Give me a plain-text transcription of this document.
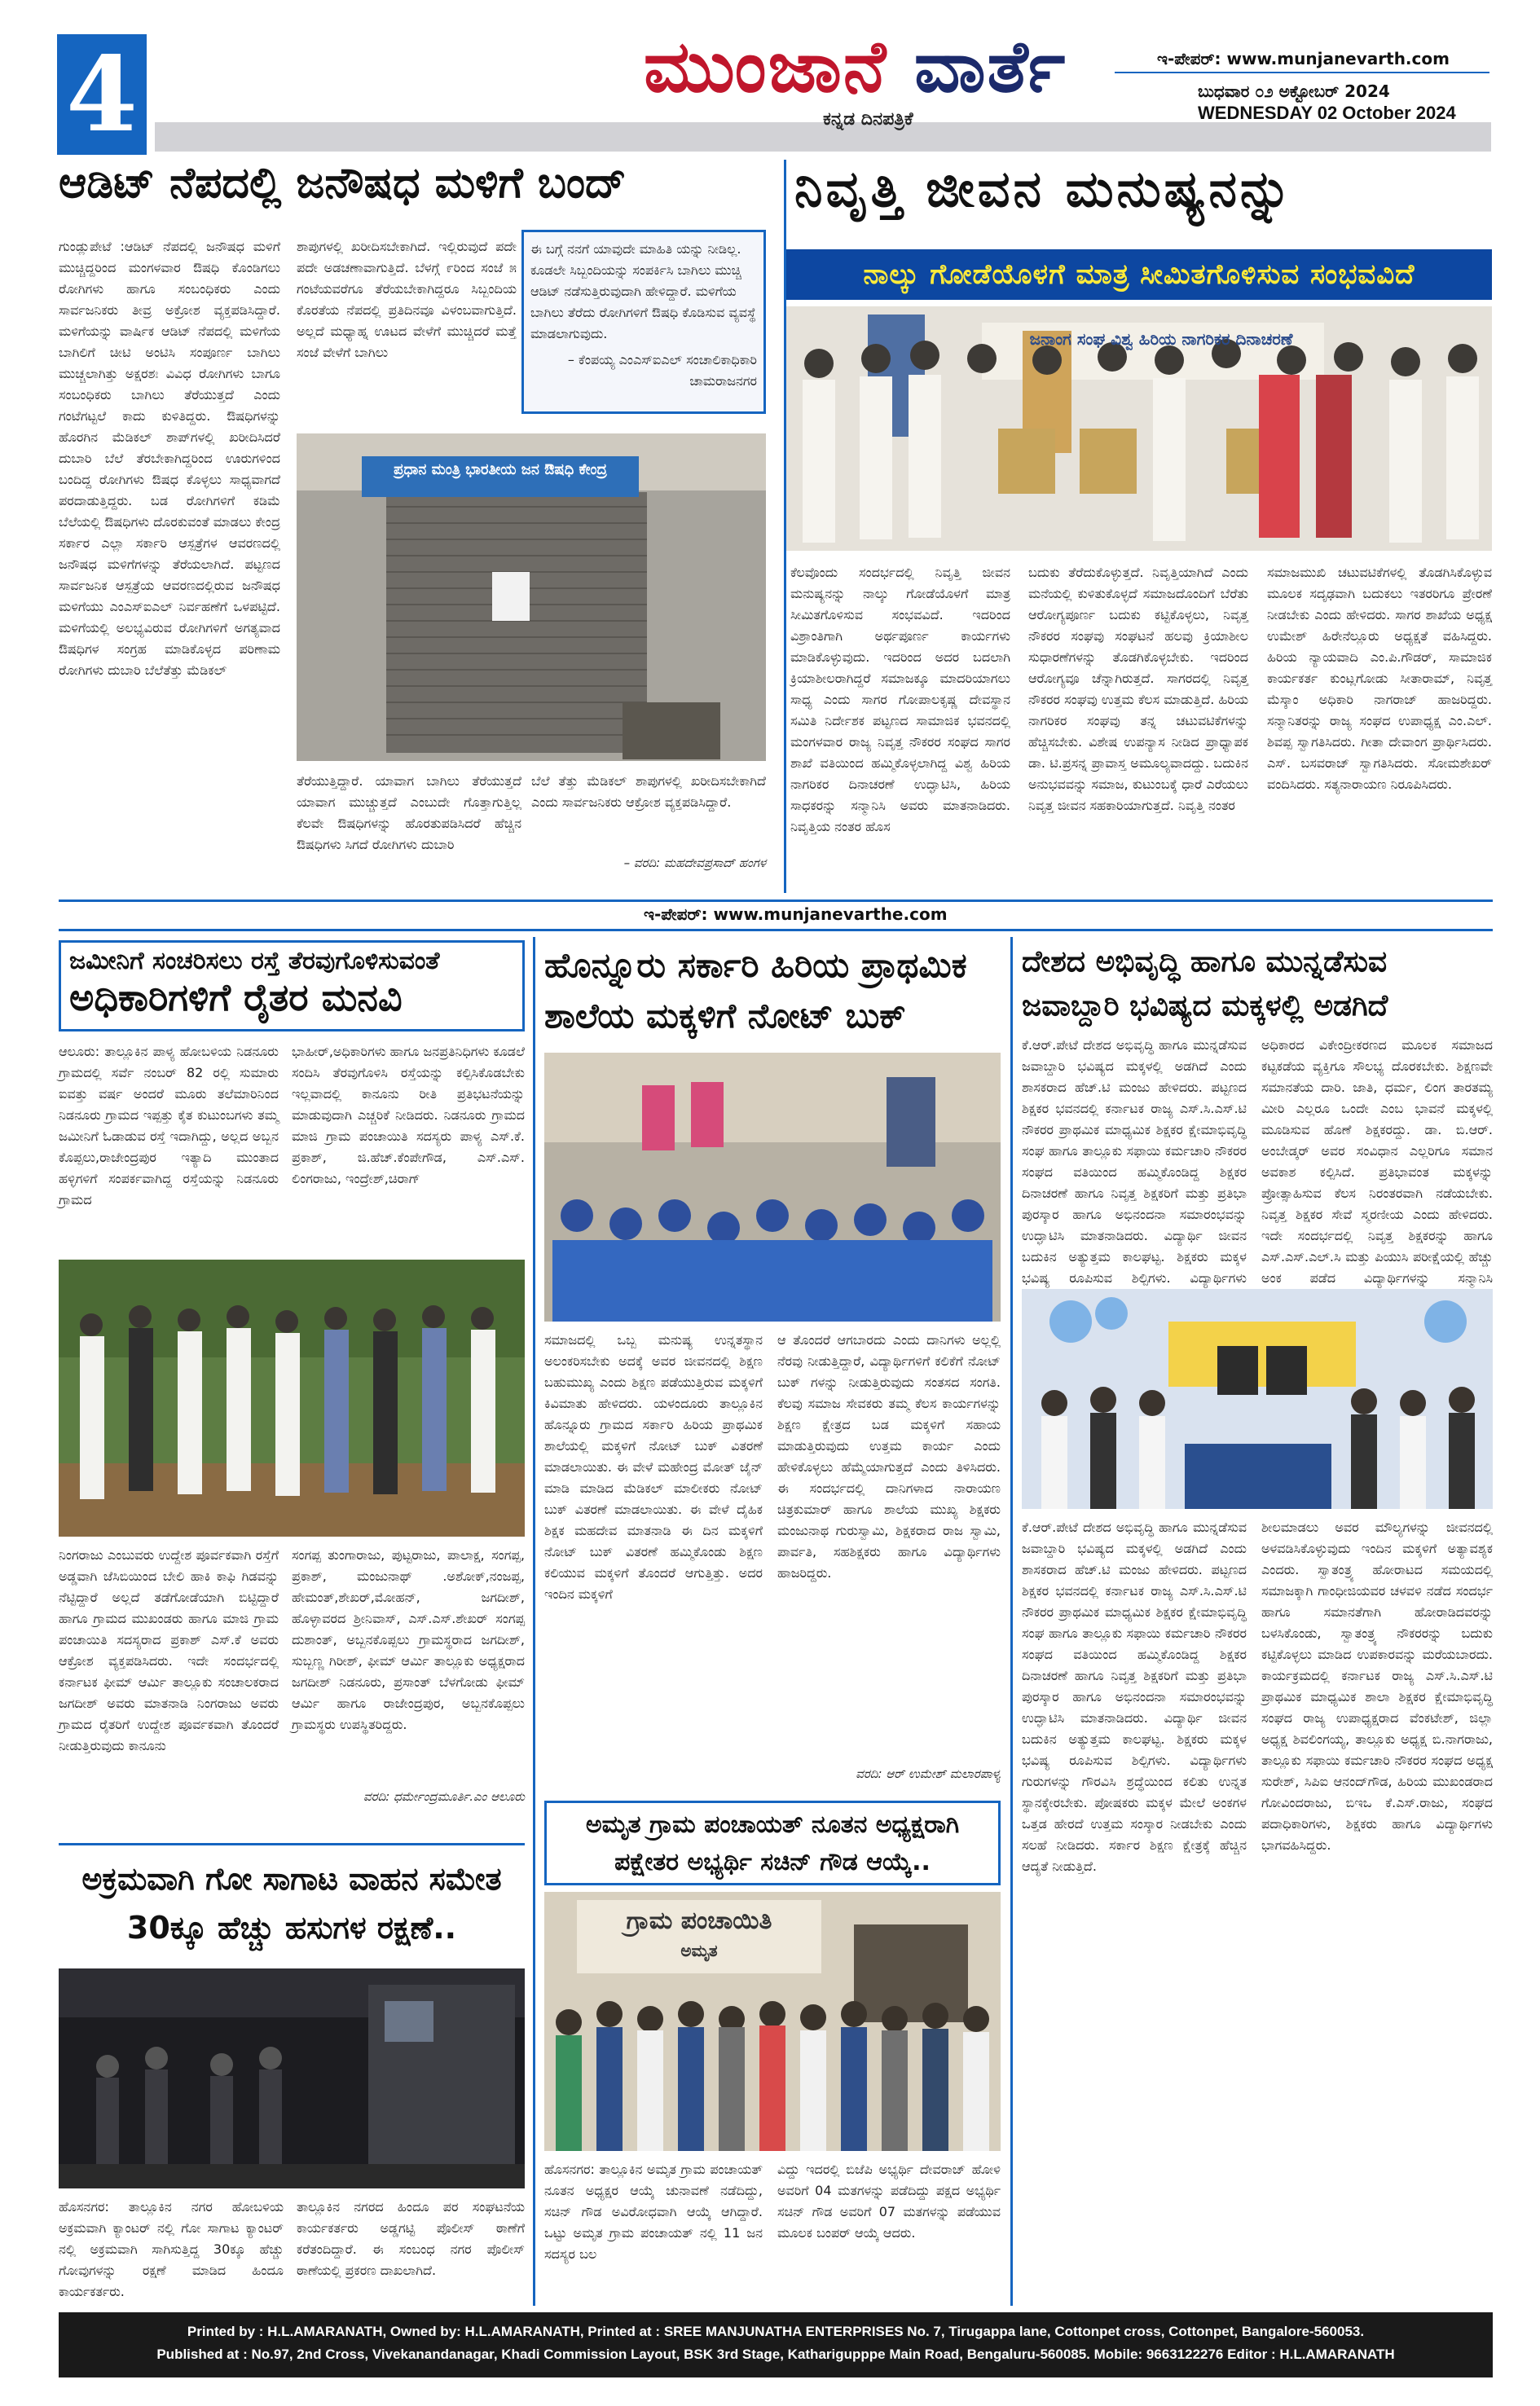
4	ಮುಂಜಾನೆ ವಾರ್ತೆ
ಕನ್ನಡ ದಿನಪತ್ರಿಕೆ
ಇ-ಪೇಪರ್: www.munjanevarth.com
ಬುಧವಾರ ೦೨ ಅಕ್ಟೋಬರ್ 2024
WEDNESDAY 02 October 2024
ಆಡಿಟ್ ನೆಪದಲ್ಲಿ ಜನೌಷಧ ಮಳಿಗೆ ಬಂದ್
ಗುಂಡ್ಲುಪೇಟೆ :ಆಡಿಟ್ ನೆಪದಲ್ಲಿ ಜನೌಷಧ ಮಳಿಗೆ ಮುಚ್ಚಿದ್ದರಿಂದ ಮಂಗಳವಾರ ಔಷಧಿ ಕೊಂಡಿಗಲು ರೋಗಿಗಳು ಹಾಗೂ ಸಂಬಂಧಿಕರು ಎಂದು ಸಾರ್ವಜನಿಕರು ತೀವ್ರ ಅಕ್ರೋಶ ವ್ಯಕ್ತಪಡಿಸಿದ್ದಾರೆ. ಮಳಿಗೆಯನ್ನು ವಾರ್ಷಿಕ ಆಡಿಟ್ ನೆಪದಲ್ಲಿ ಮಳಿಗೆಯ ಬಾಗಿಲಿಗೆ ಚೀಟಿ ಅಂಟಿಸಿ ಸಂಪೂರ್ಣ ಬಾಗಿಲು ಮುಚ್ಚಲಾಗಿತ್ತು ಅಕ್ಷರಶಃ ವಿವಿಧ ರೋಗಿಗಳು ಬಾಗೂ ಸಂಬಂಧಿಕರು ಬಾಗಿಲು ತೆರೆಯುತ್ತದೆ ಎಂದು ಗಂಟೆಗಟ್ಟಲೆ ಕಾದು ಕುಳಿತಿದ್ದರು. ಔಷಧಿಗಳನ್ನು ಹೊರಗಿನ ಮೆಡಿಕಲ್ ಶಾಪ್‌ಗಳಲ್ಲಿ ಖರೀದಿಸಿದರೆ ದುಬಾರಿ ಬೆಲೆ ತೆರಬೇಕಾಗಿದ್ದರಿಂದ ಊರುಗಳಿಂದ ಬಂದಿದ್ದ ರೋಗಿಗಳು ಔಷಧ ಕೊಳ್ಳಲು ಸಾಧ್ಯವಾಗದೆ ಪರದಾಡುತ್ತಿದ್ದರು. ಬಡ ರೋಗಿಗಳಿಗೆ ಕಡಿಮೆ ಬೆಲೆಯಲ್ಲಿ ಔಷಧಿಗಳು ದೊರಕುವಂತೆ ಮಾಡಲು ಕೇಂದ್ರ ಸರ್ಕಾರ ಎಲ್ಲಾ ಸರ್ಕಾರಿ ಆಸ್ಪತ್ರೆಗಳ ಆವರಣದಲ್ಲಿ ಜನೌಷಧ ಮಳಿಗೆಗಳನ್ನು ತೆರೆಯಲಾಗಿದೆ. ಪಟ್ಟಣದ ಸಾರ್ವಜನಿಕ ಆಸ್ಪತ್ರೆಯ ಆವರಣದಲ್ಲಿರುವ ಜನೌಷಧ ಮಳಿಗೆಯು ಎಂಎಸ್‌ಐಎಲ್ ನಿರ್ವಹಣೆಗೆ ಒಳಪಟ್ಟಿದೆ. ಮಳಿಗೆಯಲ್ಲಿ ಅಲಭ್ಯವಿರುವ ರೋಗಿಗಳಿಗೆ ಅಗತ್ಯವಾದ ಔಷಧಿಗಳ ಸಂಗ್ರಹ ಮಾಡಿಕೊಳ್ಳದ ಪರಿಣಾಮ ರೋಗಿಗಳು ದುಬಾರಿ ಬೆಲೆತೆತ್ತು ಮೆಡಿಕಲ್
ಶಾಪುಗಳಲ್ಲಿ ಖರೀದಿಸಬೇಕಾಗಿದೆ. ಇಲ್ಲಿರುವುದೆ ಪದೇ ಪದೇ ಅಡಚಣಾವಾಗುತ್ತಿದೆ. ಬೆಳಗ್ಗೆ ೯ರಿಂದ ಸಂಜೆ ೫ ಗಂಟೆಯವರೆಗೂ ತೆರೆಯಬೇಕಾಗಿದ್ದರೂ ಸಿಬ್ಬಂದಿಯ ಕೊರತೆಯ ನೆಪದಲ್ಲಿ ಪ್ರತಿದಿನವೂ ವಿಳಂಬವಾಗುತ್ತಿದೆ. ಅಲ್ಲದೆ ಮಧ್ಯಾಹ್ನ ಊಟದ ವೇಳೆಗೆ ಮುಚ್ಚಿದರೆ ಮತ್ತೆ ಸಂಜೆ ವೇಳೆಗೆ ಬಾಗಿಲು
ಈ ಬಗ್ಗೆ ನನಗೆ ಯಾವುದೇ ಮಾಹಿತಿ ಯನ್ನು ನೀಡಿಲ್ಲ. ಕೂಡಲೇ ಸಿಬ್ಬಂದಿಯನ್ನು ಸಂಪರ್ಕಿಸಿ ಬಾಗಿಲು ಮುಚ್ಚಿ ಆಡಿಟ್ ನಡೆಸುತ್ತಿರುವುದಾಗಿ ಹೇಳಿದ್ದಾರೆ. ಮಳಿಗೆಯ ಬಾಗಿಲು ತೆರೆದು ರೋಗಿಗಳಿಗೆ ಔಷಧಿ ಕೊಡಿಸುವ ವ್ಯವಸ್ಥೆ ಮಾಡಲಾಗುವುದು.
– ಕೆಂಪಯ್ಯ ಎಂಎಸ್‌ಐಎಲ್ ಸಂಚಾಲಿಕಾಧಿಕಾರಿ ಚಾಮರಾಜನಗರ
ಪ್ರಧಾನ ಮಂತ್ರಿ ಭಾರತೀಯ ಜನ ಔಷಧಿ ಕೇಂದ್ರ
ತೆರೆಯುತ್ತಿದ್ದಾರೆ. ಯಾವಾಗ ಬಾಗಿಲು ತೆರೆಯುತ್ತದೆ ಯಾವಾಗ ಮುಚ್ಚುತ್ತದೆ ಎಂಬುದೇ ಗೊತ್ತಾಗುತ್ತಿಲ್ಲ ಕೆಲವೇ ಔಷಧಿಗಳನ್ನು ಹೊರತುಪಡಿಸಿದರೆ ಹೆಚ್ಚಿನ ಔಷಧಿಗಳು ಸಿಗದೆ ರೋಗಿಗಳು ದುಬಾರಿ
ಬೆಲೆ ತೆತ್ತು ಮೆಡಿಕಲ್ ಶಾಪುಗಳಲ್ಲಿ ಖರೀದಿಸಬೇಕಾಗಿದೆ ಎಂದು ಸಾರ್ವಜನಿಕರು ಆಕ್ರೋಶ ವ್ಯಕ್ತಪಡಿಸಿದ್ದಾರೆ.
– ವರದಿ: ಮಹದೇವಪ್ರಸಾದ್ ಹಂಗಳ
ನಿವೃತ್ತಿ ಜೀವನ ಮನುಷ್ಯನನ್ನು
ನಾಲ್ಕು ಗೋಡೆಯೊಳಗೆ ಮಾತ್ರ ಸೀಮಿತಗೊಳಿಸುವ ಸಂಭವವಿದೆ
ಜನಾಂಗ ಸಂಘ ವಿಶ್ವ ಹಿರಿಯ ನಾಗರಿಕರ ದಿನಾಚರಣೆ
ಕೆಲವೊಂದು ಸಂದರ್ಭದಲ್ಲಿ ನಿವೃತ್ತಿ ಜೀವನ ಮನುಷ್ಯನನ್ನು ನಾಲ್ಕು ಗೋಡೆಯೊಳಗೆ ಮಾತ್ರ ಸೀಮಿತಗೊಳಿಸುವ ಸಂಭವವಿದೆ. ಇದರಿಂದ ವಿಶ್ರಾಂತಿಗಾಗಿ ಅರ್ಥಪೂರ್ಣ ಕಾರ್ಯಗಳು ಮಾಡಿಕೊಳ್ಳುವುದು. ಇದರಿಂದ ಅದರ ಬದಲಾಗಿ ಕ್ರಿಯಾಶೀಲರಾಗಿದ್ದರೆ ಸಮಾಜಕ್ಕೂ ಮಾದರಿಯಾಗಲು ಸಾಧ್ಯ ಎಂದು ಸಾಗರ ಗೋಪಾಲಕೃಷ್ಣ ದೇವಸ್ಥಾನ ಸಮಿತಿ ನಿರ್ದೇಶಕ ಪಟ್ಟಣದ ಸಾಮಾಜಿಕ ಭವನದಲ್ಲಿ ಮಂಗಳವಾರ ರಾಜ್ಯ ನಿವೃತ್ತ ನೌಕರರ ಸಂಘದ ಸಾಗರ ಶಾಖೆ ವತಿಯಿಂದ ಹಮ್ಮಿಕೊಳ್ಳಲಾಗಿದ್ದ ವಿಶ್ವ ಹಿರಿಯ ನಾಗರಿಕರ ದಿನಾಚರಣೆ ಉದ್ಘಾಟಿಸಿ, ಹಿರಿಯ ಸಾಧಕರನ್ನು ಸನ್ಮಾನಿಸಿ ಅವರು ಮಾತನಾಡಿದರು. ನಿವೃತ್ತಿಯ ನಂತರ ಹೊಸ
ಬದುಕು ತೆರೆದುಕೊಳ್ಳುತ್ತದೆ. ನಿವೃತ್ತಿಯಾಗಿದೆ ಎಂದು ಮನೆಯಲ್ಲಿ ಕುಳಿತುಕೊಳ್ಳದೆ ಸಮಾಜದೊಂದಿಗೆ ಬೆರೆತು ಆರೋಗ್ಯಪೂರ್ಣ ಬದುಕು ಕಟ್ಟಿಕೊಳ್ಳಲು, ನಿವೃತ್ತ ನೌಕರರ ಸಂಘವು ಸಂಘಟನೆ ಹಲವು ಕ್ರಿಯಾಶೀಲ ಸುಧಾರಣೆಗಳನ್ನು ತೊಡಗಿಕೊಳ್ಳಬೇಕು. ಇದರಿಂದ ಆರೋಗ್ಯವೂ ಚೆನ್ನಾಗಿರುತ್ತದೆ. ಸಾಗರದಲ್ಲಿ ನಿವೃತ್ತ ನೌಕರರ ಸಂಘವು ಉತ್ತಮ ಕೆಲಸ ಮಾಡುತ್ತಿದೆ. ಹಿರಿಯ ನಾಗರಿಕರ ಸಂಘವು ತನ್ನ ಚಟುವಟಿಕೆಗಳನ್ನು ಹೆಚ್ಚಿಸಬೇಕು. ವಿಶೇಷ ಉಪನ್ಯಾಸ ನೀಡಿದ ಪ್ರಾಧ್ಯಾಪಕ ಡಾ. ಟಿ.ಪ್ರಸನ್ನ ಪ್ರಾವಾಸ್ತ ಅಮೂಲ್ಯವಾದದ್ದು. ಬದುಕಿನ ಅನುಭವವನ್ನು ಸಮಾಜ, ಕುಟುಂಬಕ್ಕೆ ಧಾರೆ ಎರೆಯಲು ನಿವೃತ್ತ ಜೀವನ ಸಹಕಾರಿಯಾಗುತ್ತದೆ. ನಿವೃತ್ತಿ ನಂತರ
ಸಮಾಜಮುಖಿ ಚಟುವಟಿಕೆಗಳಲ್ಲಿ ತೊಡಗಿಸಿಕೊಳ್ಳುವ ಮೂಲಕ ಸದೃಢವಾಗಿ ಬದುಕಲು ಇತರರಿಗೂ ಪ್ರೇರಣೆ ನೀಡಬೇಕು ಎಂದು ಹೇಳಿದರು. ಸಾಗರ ಶಾಖೆಯ ಅಧ್ಯಕ್ಷ ಉಮೇಶ್ ಹಿರೇನೆಲ್ಲೂರು ಅಧ್ಯಕ್ಷತೆ ವಹಿಸಿದ್ದರು. ಹಿರಿಯ ನ್ಯಾಯವಾದಿ ಎಂ.ಪಿ.ಗೌಡರ್, ಸಾಮಾಜಿಕ ಕಾರ್ಯಕರ್ತ ಕುಂಟ್ಲಗೋಡು ಸೀತಾರಾಮ್, ನಿವೃತ್ತ ಮೆಸ್ಕಾಂ ಅಧಿಕಾರಿ ನಾಗರಾಜ್ ಹಾಜರಿದ್ದರು. ಸನ್ಮಾನಿತರನ್ನು ರಾಜ್ಯ ಸಂಘದ ಉಪಾಧ್ಯಕ್ಷ ಎಂ.ಎಲ್. ಶಿವಪ್ಪ ಸ್ವಾಗತಿಸಿದರು. ಗೀತಾ ದೇವಾಂಗ ಪ್ರಾರ್ಥಿಸಿದರು. ಎಸ್. ಬಸವರಾಜ್ ಸ್ವಾಗತಿಸಿದರು. ಸೋಮಶೇಖರ್ ವಂದಿಸಿದರು. ಸತ್ಯನಾರಾಯಣ ನಿರೂಪಿಸಿದರು.
ಇ-ಪೇಪರ್: www.munjanevarthe.com
ಜಮೀನಿಗೆ ಸಂಚರಿಸಲು ರಸ್ತೆ ತೆರವುಗೊಳಿಸುವಂತೆ
ಅಧಿಕಾರಿಗಳಿಗೆ ರೈತರ ಮನವಿ
ಆಲೂರು: ತಾಲ್ಲೂಕಿನ ಪಾಳ್ಯ ಹೋಬಳಿಯ ನಿಡನೂರು ಗ್ರಾಮದಲ್ಲಿ ಸರ್ವೆ ನಂಬರ್ 82 ರಲ್ಲಿ ಸುಮಾರು ಐವತ್ತು ವರ್ಷ ಅಂದರೆ ಮೂರು ತಲೆಮಾರಿನಿಂದ ನಿಡನೂರು ಗ್ರಾಮದ ಇಪ್ಪತ್ತು ಕೈತ ಕುಟುಂಬಗಳು ತಮ್ಮ ಜಮೀನಿಗೆ ಓಡಾಡುವ ರಸ್ತೆ ಇದಾಗಿದ್ದು, ಅಲ್ಲದ ಅಬ್ಬನ ಕೊಪ್ಪಲು,ರಾಜೇಂದ್ರಪುರ ಇತ್ಯಾದಿ ಮುಂತಾದ ಹಳ್ಳಿಗಳಿಗೆ ಸಂಪರ್ಕವಾಗಿದ್ದ ರಸ್ತೆಯನ್ನು ನಿಡನೂರು ಗ್ರಾಮದ
ಭಾಹೀರ್,ಅಧಿಕಾರಿಗಳು ಹಾಗೂ ಜನಪ್ರತಿನಿಧಿಗಳು ಕೂಡಲೆ ಸಂದಿಸಿ ತೆರವುಗೊಳಿಸಿ ರಸ್ತೆಯನ್ನು ಕಲ್ಪಿಸಿಕೊಡಬೇಕು ಇಲ್ಲವಾದಲ್ಲಿ ಕಾನೂನು ರೀತಿ ಪ್ರತಿಭಟನೆಯನ್ನು ಮಾಡುವುದಾಗಿ ಎಚ್ಚರಿಕೆ ನೀಡಿದರು. ನಿಡನೂರು ಗ್ರಾಮದ ಮಾಜಿ ಗ್ರಾಮ ಪಂಚಾಯಿತಿ ಸದಸ್ಯರು ಪಾಳ್ಯ ಎಸ್.ಕೆ. ಪ್ರಕಾಶ್, ಜಿ.ಹೆಚ್.ಕೆಂಪೇಗೌಡ, ಎಸ್.ಎಸ್. ಲಿಂಗರಾಜು, ಇಂದ್ರೇಶ್,ಚಿರಾಗ್
ನಿಂಗರಾಜು ಎಂಬುವರು ಉದ್ದೇಶ ಪೂರ್ವಕವಾಗಿ ರಸ್ತೆಗೆ ಅಡ್ಡವಾಗಿ ಜೆಸಿಬಿಯಿಂದ ಬೇಲಿ ಹಾಕಿ ಕಾಫಿ ಗಿಡವನ್ನು ನೆಟ್ಟಿದ್ದಾರೆ ಅಲ್ಲದೆ ತಡೆಗೋಡೆಯಾಗಿ ಬಿಟ್ಟಿದ್ದಾರೆ ಹಾಗೂ ಗ್ರಾಮದ ಮುಖಂಡರು ಹಾಗೂ ಮಾಜಿ ಗ್ರಾಮ ಪಂಚಾಯಿತಿ ಸದಸ್ಯರಾದ ಪ್ರಕಾಶ್ ಎಸ್.ಕೆ ಅವರು ಆಕ್ರೋಶ ವ್ಯಕ್ತಪಡಿಸಿದರು. ಇದೇ ಸಂದರ್ಭದಲ್ಲಿ ಕರ್ನಾಟಕ ಫೀಮ್ ಆರ್ಮಿ ತಾಲ್ಲೂಕು ಸಂಚಾಲಕರಾದ ಜಗದೀಶ್ ಅವರು ಮಾತನಾಡಿ ನಿಂಗರಾಜು ಅವರು ಗ್ರಾಮದ ರೈತರಿಗೆ ಉದ್ದೇಶ ಪೂರ್ವಕವಾಗಿ ತೊಂದರೆ ನೀಡುತ್ತಿರುವುದು ಕಾನೂನು
ಸಂಗಪ್ಪ ತುಂಗಾರಾಜು, ಪುಟ್ಟರಾಜು, ಪಾಲಾಕ್ಷ, ಸಂಗಪ್ಪ, ಪ್ರಕಾಶ್, ಮಂಜುನಾಥ್ .ಅಶೋಕ್,ನಂಜಪ್ಪ, ಹೇಮಂತ್,ಶೇಖರ್,ಮೋಹನ್, ಜಗದೀಶ್, ಹೊಳ್ಳಾವರದ ಶ್ರೀನಿವಾಸ್, ಎಸ್.ಎಸ್.ಶೇಖರ್ ಸಂಗಪ್ಪ ದುಶಾಂತ್, ಅಬ್ಬನಕೊಪ್ಪಲು ಗ್ರಾಮಸ್ಥರಾದ ಜಗದೀಶ್, ಸುಬ್ಬಣ್ಣ ಗಿರೀಶ್, ಫೀಮ್ ಆರ್ಮಿ ತಾಲ್ಲೂಕು ಅಧ್ಯಕ್ಷರಾದ ಜಗದೀಶ್ ನಿಡನೂರು, ಪ್ರಸಾಂತ್ ಬೆಳಗೋಡು ಫೀಮ್ ಆರ್ಮಿ ಹಾಗೂ ರಾಜೇಂದ್ರಪುರ, ಅಬ್ಬನಕೊಪ್ಪಲು ಗ್ರಾಮಸ್ಥರು ಉಪಸ್ಥಿತರಿದ್ದರು.
ವರದಿ: ಧರ್ಮೇಂದ್ರಮೂರ್ತಿ.ಎಂ ಆಲೂರು
ಹೊನ್ನೂರು ಸರ್ಕಾರಿ ಹಿರಿಯ ಪ್ರಾಥಮಿಕ ಶಾಲೆಯ ಮಕ್ಕಳಿಗೆ ನೋಟ್ ಬುಕ್
ಸಮಾಜದಲ್ಲಿ ಒಬ್ಬ ಮನುಷ್ಯ ಉನ್ನತಸ್ಥಾನ ಅಲಂಕರಿಸಬೇಕು ಅದಕ್ಕೆ ಅವರ ಜೀವನದಲ್ಲಿ ಶಿಕ್ಷಣ ಬಹುಮುಖ್ಯ ಎಂದು ಶಿಕ್ಷಣ ಪಡೆಯುತ್ತಿರುವ ಮಕ್ಕಳಿಗೆ ಕಿವಿಮಾತು ಹೇಳಿದರು. ಯಳಂದೂರು ತಾಲ್ಲೂಕಿನ ಹೊನ್ನೂರು ಗ್ರಾಮದ ಸರ್ಕಾರಿ ಹಿರಿಯ ಪ್ರಾಥಮಿಕ ಶಾಲೆಯಲ್ಲಿ ಮಕ್ಕಳಿಗೆ ನೋಟ್ ಬುಕ್ ವಿತರಣೆ ಮಾಡಲಾಯಿತು. ಈ ವೇಳೆ ಮಹೇಂದ್ರ ಮೋತ್ ಜೈನ್ ಮಾಡಿ ಮಾಡಿದ ಮೆಡಿಕಲ್ ಮಾಲೀಕರು ನೋಟ್ ಬುಕ್ ವಿತರಣೆ ಮಾಡಲಾಯಿತು. ಈ ವೇಳೆ ದೈಹಿಕ ಶಿಕ್ಷಕ ಮಹದೇವ ಮಾತನಾಡಿ ಈ ದಿನ ಮಕ್ಕಳಿಗೆ ನೋಟ್ ಬುಕ್ ವಿತರಣೆ ಹಮ್ಮಿಕೊಂಡು ಶಿಕ್ಷಣ ಕಲಿಯುವ ಮಕ್ಕಳಿಗೆ ತೊಂದರೆ ಆಗುತ್ತಿತ್ತು. ಅದರ ಇಂದಿನ ಮಕ್ಕಳಿಗೆ
ಆ ತೊಂದರೆ ಆಗಬಾರದು ಎಂದು ದಾನಿಗಳು ಅಲ್ಲಲ್ಲಿ ನೆರವು ನೀಡುತ್ತಿದ್ದಾರೆ, ವಿದ್ಯಾರ್ಥಿಗಳಿಗೆ ಕಲಿಕೆಗೆ ನೋಟ್ ಬುಕ್ ಗಳನ್ನು ನೀಡುತ್ತಿರುವುದು ಸಂತಸದ ಸಂಗತಿ. ಕೆಲವು ಸಮಾಜ ಸೇವಕರು ತಮ್ಮ ಕೆಲಸ ಕಾರ್ಯಗಳನ್ನು ಶಿಕ್ಷಣ ಕ್ಷೇತ್ರದ ಬಡ ಮಕ್ಕಳಿಗೆ ಸಹಾಯ ಮಾಡುತ್ತಿರುವುದು ಉತ್ತಮ ಕಾರ್ಯ ಎಂದು ಹೇಳಿಕೊಳ್ಳಲು ಹೆಮ್ಮೆಯಾಗುತ್ತದೆ ಎಂದು ತಿಳಿಸಿದರು. ಈ ಸಂದರ್ಭದಲ್ಲಿ ದಾನಿಗಳಾದ ನಾರಾಯಣ ಚಿತ್ರಕುಮಾರ್ ಹಾಗೂ ಶಾಲೆಯ ಮುಖ್ಯ ಶಿಕ್ಷಕರು ಮಂಜುನಾಥ ಗುರುಸ್ವಾಮಿ, ಶಿಕ್ಷಕರಾದ ರಾಜ ಸ್ವಾಮಿ, ಪಾರ್ವತಿ, ಸಹಶಿಕ್ಷಕರು ಹಾಗೂ ವಿದ್ಯಾರ್ಥಿಗಳು ಹಾಜರಿದ್ದರು.
ವರದಿ: ಆರ್ ಉಮೇಶ್ ಮಲಾರಪಾಳ್ಯ
ದೇಶದ ಅಭಿವೃದ್ಧಿ ಹಾಗೂ ಮುನ್ನಡೆಸುವ ಜವಾಬ್ದಾರಿ ಭವಿಷ್ಯದ ಮಕ್ಕಳಲ್ಲಿ ಅಡಗಿದೆ
ಕೆ.ಆರ್.ಪೇಟೆ ದೇಶದ ಅಭಿವೃದ್ಧಿ ಹಾಗೂ ಮುನ್ನಡೆಸುವ ಜವಾಬ್ದಾರಿ ಭವಿಷ್ಯದ ಮಕ್ಕಳಲ್ಲಿ ಅಡಗಿದೆ ಎಂದು ಶಾಸಕರಾದ ಹೆಚ್.ಟಿ ಮಂಜು ಹೇಳಿದರು. ಪಟ್ಟಣದ ಶಿಕ್ಷಕರ ಭವನದಲ್ಲಿ ಕರ್ನಾಟಕ ರಾಜ್ಯ ಎಸ್.ಸಿ.ಎಸ್.ಟಿ ನೌಕರರ ಪ್ರಾಥಮಿಕ ಮಾಧ್ಯಮಿಕ ಶಿಕ್ಷಕರ ಕ್ಷೇಮಾಭಿವೃದ್ಧಿ ಸಂಘ ಹಾಗೂ ತಾಲ್ಲೂಕು ಸಫಾಯಿ ಕರ್ಮಚಾರಿ ನೌಕರರ ಸಂಘದ ವತಿಯಿಂದ ಹಮ್ಮಿಕೊಂಡಿದ್ದ ಶಿಕ್ಷಕರ ದಿನಾಚರಣೆ ಹಾಗೂ ನಿವೃತ್ತ ಶಿಕ್ಷಕರಿಗೆ ಮತ್ತು ಪ್ರತಿಭಾ ಪುರಸ್ಕಾರ ಹಾಗೂ ಅಭಿನಂದನಾ ಸಮಾರಂಭವನ್ನು ಉದ್ಘಾಟಿಸಿ ಮಾತನಾಡಿದರು. ವಿದ್ಯಾರ್ಥಿ ಜೀವನ ಬದುಕಿನ ಅತ್ಯುತ್ತಮ ಕಾಲಘಟ್ಟ. ಶಿಕ್ಷಕರು ಮಕ್ಕಳ ಭವಿಷ್ಯ ರೂಪಿಸುವ ಶಿಲ್ಪಿಗಳು. ವಿದ್ಯಾರ್ಥಿಗಳು
ಅಧಿಕಾರದ ವಿಕೇಂದ್ರೀಕರಣದ ಮೂಲಕ ಸಮಾಜದ ಕಟ್ಟಕಡೆಯ ವ್ಯಕ್ತಿಗೂ ಸೌಲಭ್ಯ ದೊರಕಬೇಕು. ಶಿಕ್ಷಣವೇ ಸಮಾನತೆಯ ದಾರಿ. ಜಾತಿ, ಧರ್ಮ, ಲಿಂಗ ತಾರತಮ್ಯ ಮೀರಿ ಎಲ್ಲರೂ ಒಂದೇ ಎಂಬ ಭಾವನೆ ಮಕ್ಕಳಲ್ಲಿ ಮೂಡಿಸುವ ಹೊಣೆ ಶಿಕ್ಷಕರದ್ದು. ಡಾ. ಬಿ.ಆರ್. ಅಂಬೇಡ್ಕರ್ ಅವರ ಸಂವಿಧಾನ ಎಲ್ಲರಿಗೂ ಸಮಾನ ಅವಕಾಶ ಕಲ್ಪಿಸಿದೆ. ಪ್ರತಿಭಾವಂತ ಮಕ್ಕಳನ್ನು ಪ್ರೋತ್ಸಾಹಿಸುವ ಕೆಲಸ ನಿರಂತರವಾಗಿ ನಡೆಯಬೇಕು. ನಿವೃತ್ತ ಶಿಕ್ಷಕರ ಸೇವೆ ಸ್ಮರಣೀಯ ಎಂದು ಹೇಳಿದರು. ಇದೇ ಸಂದರ್ಭದಲ್ಲಿ ನಿವೃತ್ತ ಶಿಕ್ಷಕರನ್ನು ಹಾಗೂ ಎಸ್.ಎಸ್.ಎಲ್.ಸಿ ಮತ್ತು ಪಿಯುಸಿ ಪರೀಕ್ಷೆಯಲ್ಲಿ ಹೆಚ್ಚು ಅಂಕ ಪಡೆದ ವಿದ್ಯಾರ್ಥಿಗಳನ್ನು ಸನ್ಮಾನಿಸಿ
ಕೆ.ಆರ್.ಪೇಟೆ ದೇಶದ ಅಭಿವೃದ್ಧಿ ಹಾಗೂ ಮುನ್ನಡೆಸುವ ಜವಾಬ್ದಾರಿ ಭವಿಷ್ಯದ ಮಕ್ಕಳಲ್ಲಿ ಅಡಗಿದೆ ಎಂದು ಶಾಸಕರಾದ ಹೆಚ್.ಟಿ ಮಂಜು ಹೇಳಿದರು. ಪಟ್ಟಣದ ಶಿಕ್ಷಕರ ಭವನದಲ್ಲಿ ಕರ್ನಾಟಕ ರಾಜ್ಯ ಎಸ್.ಸಿ.ಎಸ್.ಟಿ ನೌಕರರ ಪ್ರಾಥಮಿಕ ಮಾಧ್ಯಮಿಕ ಶಿಕ್ಷಕರ ಕ್ಷೇಮಾಭಿವೃದ್ಧಿ ಸಂಘ ಹಾಗೂ ತಾಲ್ಲೂಕು ಸಫಾಯಿ ಕರ್ಮಚಾರಿ ನೌಕರರ ಸಂಘದ ವತಿಯಿಂದ ಹಮ್ಮಿಕೊಂಡಿದ್ದ ಶಿಕ್ಷಕರ ದಿನಾಚರಣೆ ಹಾಗೂ ನಿವೃತ್ತ ಶಿಕ್ಷಕರಿಗೆ ಮತ್ತು ಪ್ರತಿಭಾ ಪುರಸ್ಕಾರ ಹಾಗೂ ಅಭಿನಂದನಾ ಸಮಾರಂಭವನ್ನು ಉದ್ಘಾಟಿಸಿ ಮಾತನಾಡಿದರು. ವಿದ್ಯಾರ್ಥಿ ಜೀವನ ಬದುಕಿನ ಅತ್ಯುತ್ತಮ ಕಾಲಘಟ್ಟ. ಶಿಕ್ಷಕರು ಮಕ್ಕಳ ಭವಿಷ್ಯ ರೂಪಿಸುವ ಶಿಲ್ಪಿಗಳು. ವಿದ್ಯಾರ್ಥಿಗಳು ಗುರುಗಳನ್ನು ಗೌರವಿಸಿ ಶ್ರದ್ಧೆಯಿಂದ ಕಲಿತು ಉನ್ನತ ಸ್ಥಾನಕ್ಕೇರಬೇಕು. ಪೋಷಕರು ಮಕ್ಕಳ ಮೇಲೆ ಅಂಕಗಳ ಒತ್ತಡ ಹೇರದೆ ಉತ್ತಮ ಸಂಸ್ಕಾರ ನೀಡಬೇಕು ಎಂದು ಸಲಹೆ ನೀಡಿದರು. ಸರ್ಕಾರ ಶಿಕ್ಷಣ ಕ್ಷೇತ್ರಕ್ಕೆ ಹೆಚ್ಚಿನ ಆದ್ಯತೆ ನೀಡುತ್ತಿದೆ.
ಶೀಲಮಾಡಲು ಅವರ ಮೌಲ್ಯಗಳನ್ನು ಜೀವನದಲ್ಲಿ ಅಳವಡಿಸಿಕೊಳ್ಳುವುದು ಇಂದಿನ ಮಕ್ಕಳಿಗೆ ಅತ್ಯಾವಶ್ಯಕ ಎಂದರು. ಸ್ವಾತಂತ್ರ್ಯ ಹೋರಾಟದ ಸಮಯದಲ್ಲಿ ಸಮಾಜಕ್ಕಾಗಿ ಗಾಂಧೀಜಿಯವರ ಚಳವಳಿ ನಡೆದ ಸಂದರ್ಭ ಹಾಗೂ ಸಮಾನತೆಗಾಗಿ ಹೋರಾಡಿದವರನ್ನು ಬಳಸಿಕೊಂಡು, ಸ್ವಾತಂತ್ರ್ಯ ನೌಕರರನ್ನು ಬದುಕು ಕಟ್ಟಿಕೊಳ್ಳಲು ಮಾಡಿದ ಉಪಕಾರವನ್ನು ಮರೆಯಬಾರದು. ಕಾರ್ಯಕ್ರಮದಲ್ಲಿ ಕರ್ನಾಟಕ ರಾಜ್ಯ ಎಸ್.ಸಿ.ಎಸ್.ಟಿ ಪ್ರಾಥಮಿಕ ಮಾಧ್ಯಮಿಕ ಶಾಲಾ ಶಿಕ್ಷಕರ ಕ್ಷೇಮಾಭಿವೃದ್ಧಿ ಸಂಘದ ರಾಜ್ಯ ಉಪಾಧ್ಯಕ್ಷರಾದ ವೆಂಕಟೇಶ್, ಜಿಲ್ಲಾ ಅಧ್ಯಕ್ಷ ಶಿವಲಿಂಗಯ್ಯ, ತಾಲ್ಲೂಕು ಅಧ್ಯಕ್ಷ ಬಿ.ನಾಗರಾಜು, ತಾಲ್ಲೂಕು ಸಫಾಯಿ ಕರ್ಮಚಾರಿ ನೌಕರರ ಸಂಘದ ಅಧ್ಯಕ್ಷ ಸುರೇಶ್, ಸಿಪಿಐ ಆನಂದ್‌ಗೌಡ, ಹಿರಿಯ ಮುಖಂಡರಾದ ಗೋವಿಂದರಾಜು, ಬಿಇಒ ಕೆ.ಎಸ್.ರಾಜು, ಸಂಘದ ಪದಾಧಿಕಾರಿಗಳು, ಶಿಕ್ಷಕರು ಹಾಗೂ ವಿದ್ಯಾರ್ಥಿಗಳು ಭಾಗವಹಿಸಿದ್ದರು.
ಅಮೃತ ಗ್ರಾಮ ಪಂಚಾಯತ್ ನೂತನ ಅಧ್ಯಕ್ಷರಾಗಿ ಪಕ್ಷೇತರ ಅಭ್ಯರ್ಥಿ ಸಚಿನ್ ಗೌಡ ಆಯ್ಕೆ..
ಗ್ರಾಮ ಪಂಚಾಯಿತಿ
ಅಮೃತ
ಹೊಸನಗರ: ತಾಲ್ಲೂಕಿನ ಅಮೃತ ಗ್ರಾಮ ಪಂಚಾಯತ್ ನೂತನ ಅಧ್ಯಕ್ಷರ ಆಯ್ಕೆ ಚುನಾವಣೆ ನಡೆದಿದ್ದು, ಸಚಿನ್ ಗೌಡ ಅವಿರೋಧವಾಗಿ ಆಯ್ಕೆ ಆಗಿದ್ದಾರೆ. ಒಟ್ಟು ಅಮೃತ ಗ್ರಾಮ ಪಂಚಾಯತ್ ನಲ್ಲಿ 11 ಜನ ಸದಸ್ಯರ ಬಲ
ವಿದ್ದು ಇದರಲ್ಲಿ ಬಿಜೆಪಿ ಅಭ್ಯರ್ಥಿ ದೇವರಾಜ್ ಹೋಳಿ ಅವರಿಗೆ 04 ಮತಗಳನ್ನು ಪಡೆದಿದ್ದು ಪಕ್ಷದ ಅಭ್ಯರ್ಥಿ ಸಚಿನ್ ಗೌಡ ಅವರಿಗೆ 07 ಮತಗಳನ್ನು ಪಡೆಯುವ ಮೂಲಕ ಬಂಪರ್ ಆಯ್ಕೆ ಆದರು.
ಅಕ್ರಮವಾಗಿ ಗೋ ಸಾಗಾಟ ವಾಹನ ಸಮೇತ 30ಕ್ಕೂ ಹೆಚ್ಚು ಹಸುಗಳ ರಕ್ಷಣೆ..
ಹೊಸನಗರ: ತಾಲ್ಲೂಕಿನ ನಗರ ಹೋಬಳಿಯ ಅಕ್ರಮವಾಗಿ ಕ್ಯಾಂಟರ್ ನಲ್ಲಿ ಗೋ ಸಾಗಾಟ ಕ್ಯಾಂಟರ್ ನಲ್ಲಿ ಅಕ್ರಮವಾಗಿ ಸಾಗಿಸುತ್ತಿದ್ದ 30ಕ್ಕೂ ಹೆಚ್ಚು ಗೋವುಗಳನ್ನು ರಕ್ಷಣೆ ಮಾಡಿದ ಹಿಂದೂ ಕಾರ್ಯಕರ್ತರು.
ತಾಲ್ಲೂಕಿನ ನಗರದ ಹಿಂದೂ ಪರ ಸಂಘಟನೆಯ ಕಾರ್ಯಕರ್ತರು ಅಡ್ಡಗಟ್ಟಿ ಪೊಲೀಸ್ ಠಾಣೆಗೆ ಕರೆತಂದಿದ್ದಾರೆ. ಈ ಸಂಬಂಧ ನಗರ ಪೊಲೀಸ್ ಠಾಣೆಯಲ್ಲಿ ಪ್ರಕರಣ ದಾಖಲಾಗಿದೆ.
Printed by : H.L.AMARANATH, Owned by: H.L.AMARANATH, Printed at : SREE MANJUNATHA ENTERPRISES No. 7, Tirugappa lane, Cottonpet cross, Cottonpet, Bangalore-560053.
Published at : No.97, 2nd Cross, Vivekanandanagar, Khadi Commission Layout, BSK 3rd Stage, Katharigupppe Main Road, Bengaluru-560085. Mobile: 9663122276 Editor : H.L.AMARANATH
